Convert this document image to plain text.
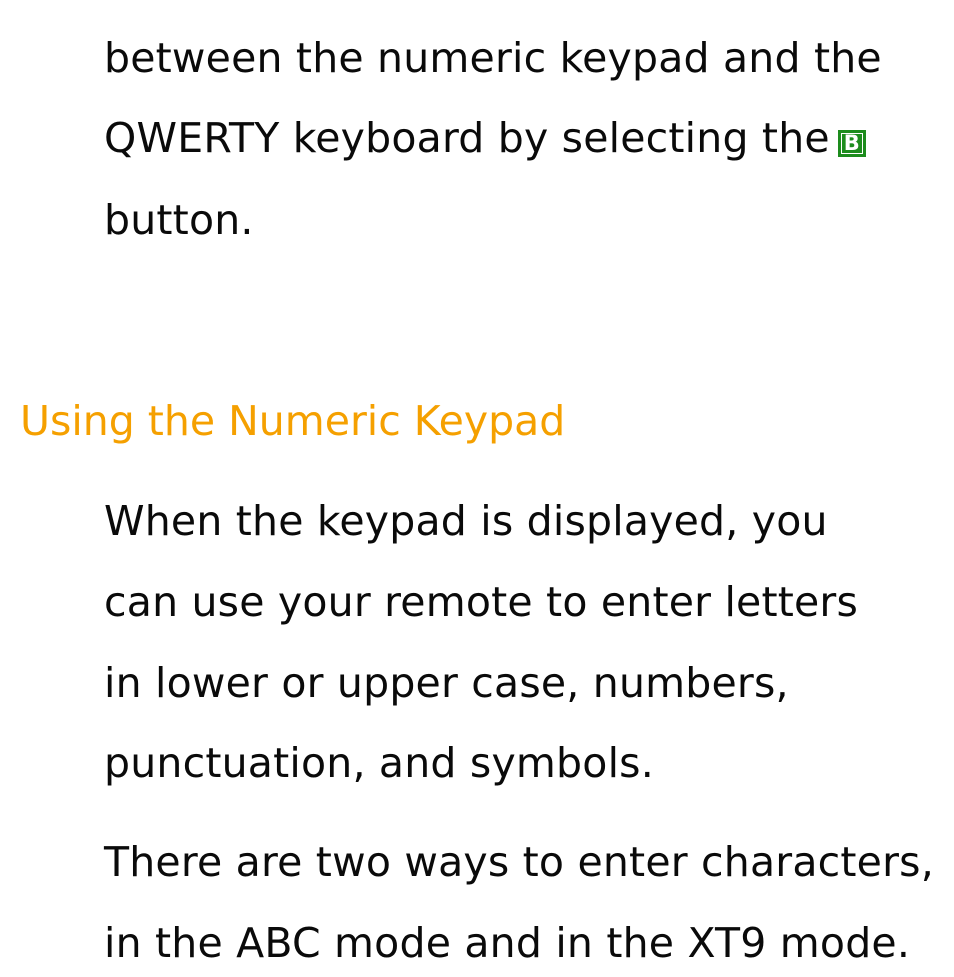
between the numeric keypad and the
QWERTY keyboard by selecting the B
button.
Using the Numeric Keypad
When the keypad is displayed, you
can use your remote to enter letters
in lower or upper case, numbers,
punctuation, and symbols.
There are two ways to enter characters,
in the ABC mode and in the XT9 mode.
